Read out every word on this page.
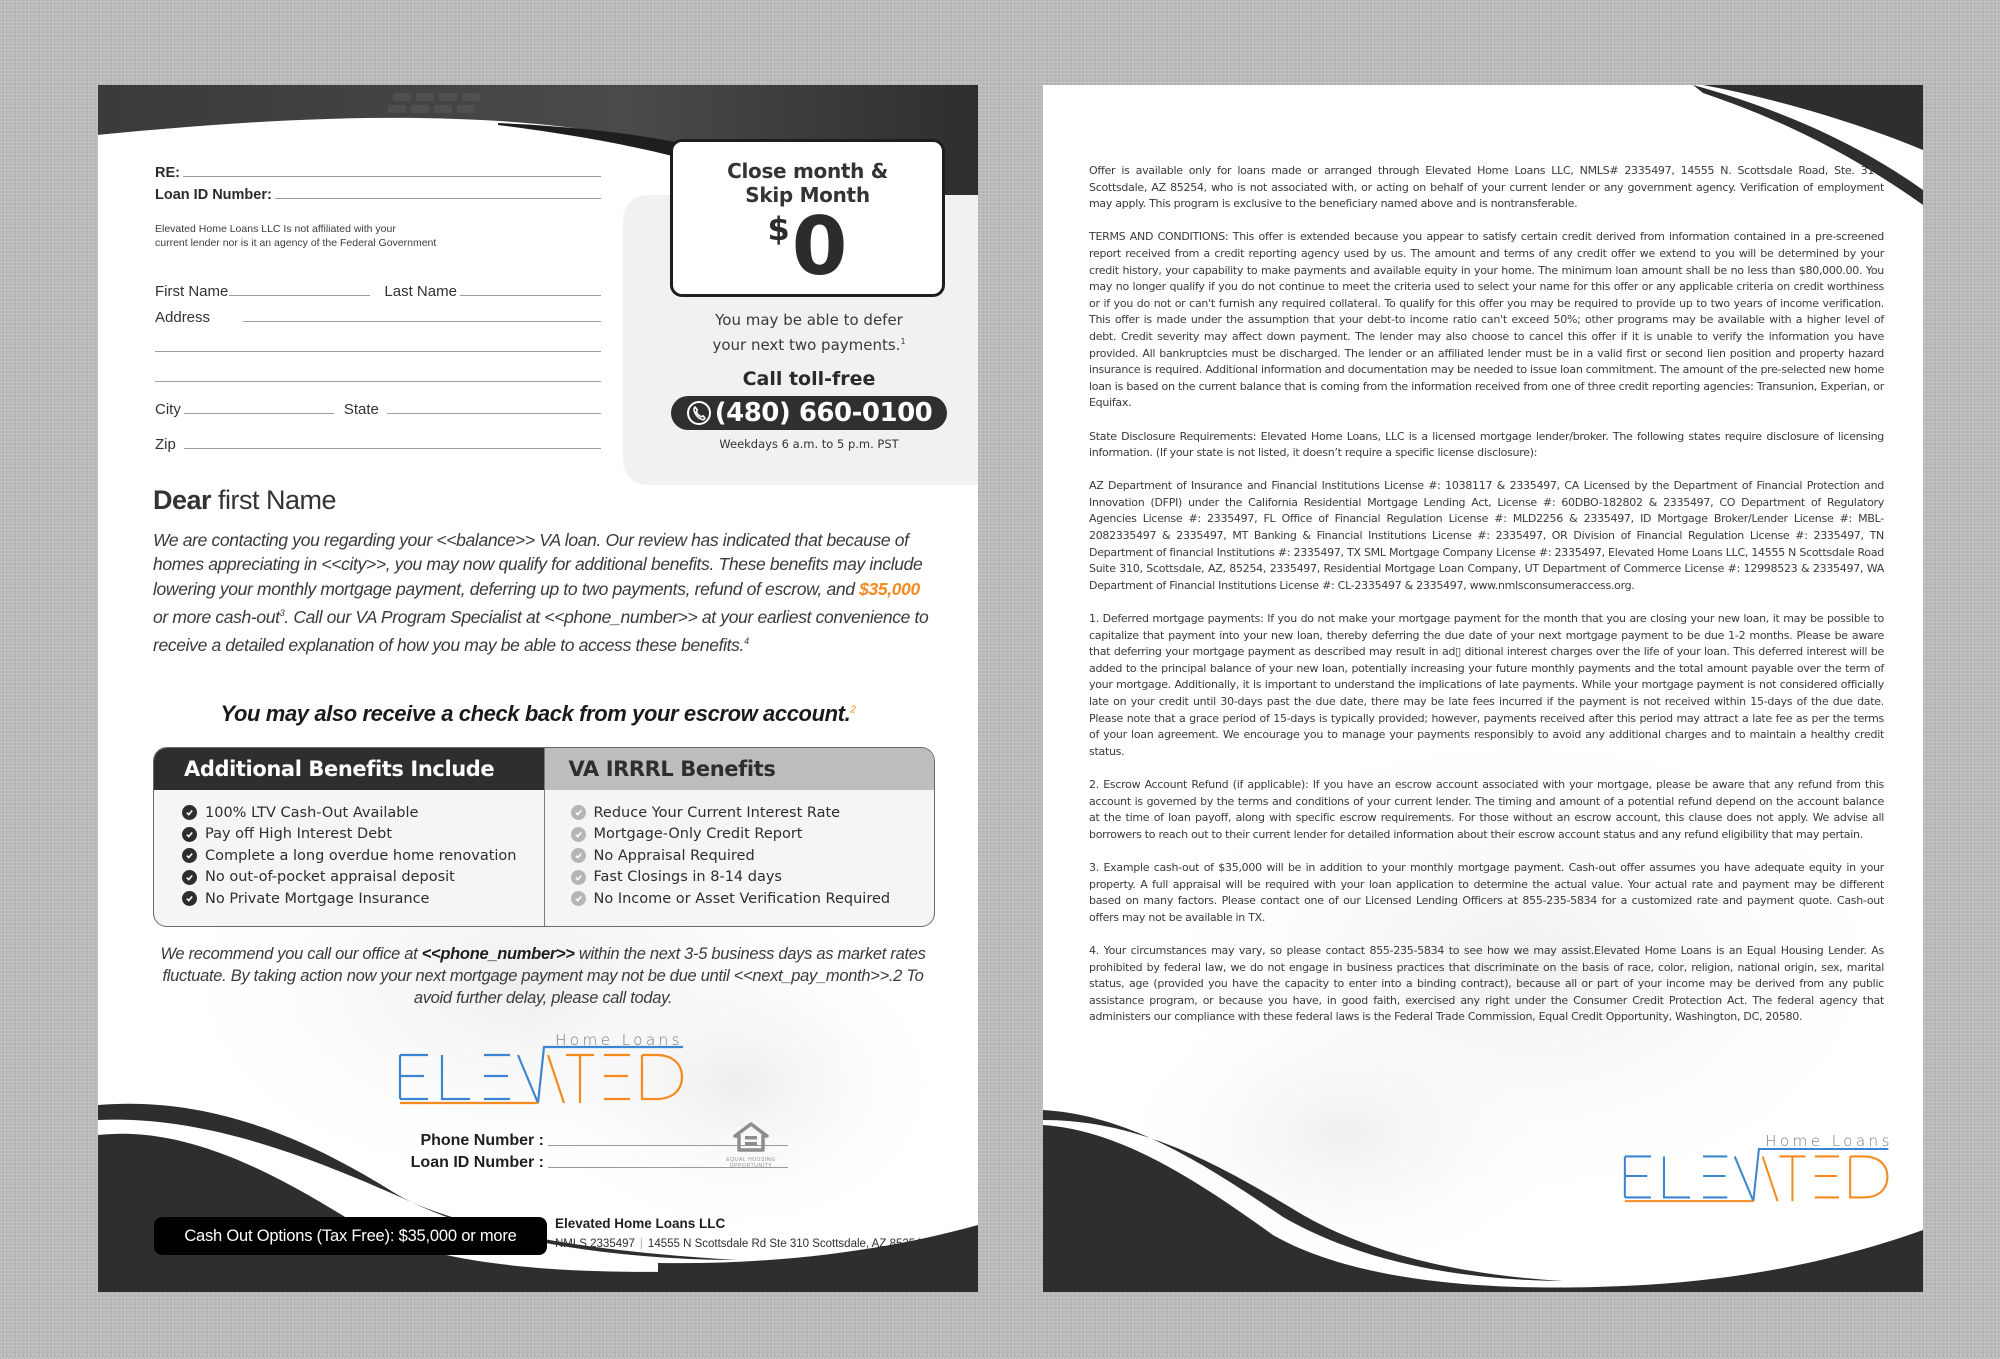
RE:
Loan ID Number:
Elevated Home Loans LLC Is not affiliated with your
current lender nor is it an agency of the Federal Government
First Name	Last Name
Address
City	State
Zip
Close month &
Skip Month
$0
You may be able to defer
your next two payments.$^1$
Call toll-free
(480) 660-0100
Weekdays 6 a.m. to 5 p.m. PST
Dear first Name
We are contacting you regarding your <<balance>> VA loan. Our review has indicated that because of homes appreciating in <<city>>, you may now qualify for additional benefits. These benefits may include lowering your monthly mortgage payment, deferring up to two payments, refund of escrow, and $35,000 or more cash-out$^3$. Call our VA Program Specialist at <<phone_number>> at your earliest convenience to receive a detailed explanation of how you may be able to access these benefits.$^4$
You may also receive a check back from your escrow account.$^2$
Additional Benefits Include
100% LTV Cash-Out Available
Pay off High Interest Debt
Complete a long overdue home renovation
No out-of-pocket appraisal deposit
No Private Mortgage Insurance
VA IRRRL Benefits
Reduce Your Current Interest Rate
Mortgage-Only Credit Report
No Appraisal Required
Fast Closings in 8-14 days
No Income or Asset Verification Required
We recommend you call our office at <<phone_number>> within the next 3-5 business days as market rates fluctuate. By taking action now your next mortgage payment may not be due until <<next_pay_month>>.2 To avoid further delay, please call today.
Home Loans
Phone Number :
Loan ID Number :	EQUAL HOUSING
OPPORTUNITY
Cash Out Options (Tax Free): $35,000 or more
Elevated Home Loans LLC
NMLS 2335497 | 14555 N Scottsdale Rd Ste 310 Scottsdale, AZ 85254

Offer is available only for loans made or arranged through Elevated Home Loans LLC, NMLS# 2335497, 14555 N. Scottsdale Road, Ste. 310, Scottsdale, AZ 85254, who is not associated with, or acting on behalf of your current lender or any government agency. Verification of employment may apply. This program is exclusive to the beneficiary named above and is nontransferable.

TERMS AND CONDITIONS: This offer is extended because you appear to satisfy certain credit derived from information contained in a pre-screened report received from a credit reporting agency used by us. The amount and terms of any credit offer we extend to you will be determined by your credit history, your capability to make payments and available equity in your home. The minimum loan amount shall be no less than $80,000.00. You may no longer qualify if you do not continue to meet the criteria used to select your name for this offer or any applicable criteria on credit worthiness or if you do not or can't furnish any required collateral. To qualify for this offer you may be required to provide up to two years of income verification. This offer is made under the assumption that your debt-to income ratio can't exceed 50%; other programs may be available with a higher level of debt. Credit severity may affect down payment. The lender may also choose to cancel this offer if it is unable to verify the information you have provided. All bankruptcies must be discharged. The lender or an affiliated lender must be in a valid first or second lien position and property hazard insurance is required. Additional information and documentation may be needed to issue loan commitment. The amount of the pre-selected new home loan is based on the current balance that is coming from the information received from one of three credit reporting agencies: Transunion, Experian, or Equifax.

State Disclosure Requirements: Elevated Home Loans, LLC is a licensed mortgage lender/broker. The following states require disclosure of licensing information. (If your state is not listed, it doesn’t require a specific license disclosure):

AZ Department of Insurance and Financial Institutions License #: 1038117 & 2335497, CA Licensed by the Department of Financial Protection and Innovation (DFPI) under the California Residential Mortgage Lending Act, License #: 60DBO-182802 & 2335497, CO Department of Regulatory Agencies License #: 2335497, FL Office of Financial Regulation License #: MLD2256 & 2335497, ID Mortgage Broker/Lender License #: MBL-2082335497 & 2335497, MT Banking & Financial Institutions License #: 2335497, OR Division of Financial Regulation License #: 2335497, TN Department of financial Institutions #: 2335497, TX SML Mortgage Company License #: 2335497, Elevated Home Loans LLC, 14555 N Scottsdale Road Suite 310, Scottsdale, AZ, 85254, 2335497, Residential Mortgage Loan Company, UT Department of Commerce License #: 12998523 & 2335497, WA Department of Financial Institutions License #: CL-2335497 & 2335497, www.nmlsconsumeraccess.org.

1. Deferred mortgage payments: If you do not make your mortgage payment for the month that you are closing your new loan, it may be possible to capitalize that payment into your new loan, thereby deferring the due date of your next mortgage payment to be due 1-2 months. Please be aware that deferring your mortgage payment as described may result in ad▯ ditional interest charges over the life of your loan. This deferred interest will be added to the principal balance of your new loan, potentially increasing your future monthly payments and the total amount payable over the term of your mortgage. Additionally, it is important to understand the implications of late payments. While your mortgage payment is not considered officially late on your credit until 30-days past the due date, there may be late fees incurred if the payment is not received within 15-days of the due date. Please note that a grace period of 15-days is typically provided; however, payments received after this period may attract a late fee as per the terms of your loan agreement. We encourage you to manage your payments responsibly to avoid any additional charges and to maintain a healthy credit status.

2. Escrow Account Refund (if applicable): If you have an escrow account associated with your mortgage, please be aware that any refund from this account is governed by the terms and conditions of your current lender. The timing and amount of a potential refund depend on the account balance at the time of loan payoff, along with specific escrow requirements. For those without an escrow account, this clause does not apply. We advise all borrowers to reach out to their current lender for detailed information about their escrow account status and any refund eligibility that may pertain.

3. Example cash-out of $35,000 will be in addition to your monthly mortgage payment. Cash-out offer assumes you have adequate equity in your property. A full appraisal will be required with your loan application to determine the actual value. Your actual rate and payment may be different based on many factors. Please contact one of our Licensed Lending Officers at 855-235-5834 for a customized rate and payment quote. Cash-out offers may not be available in TX.

4. Your circumstances may vary, so please contact 855-235-5834 to see how we may assist.Elevated Home Loans is an Equal Housing Lender. As prohibited by federal law, we do not engage in business practices that discriminate on the basis of race, color, religion, national origin, sex, marital status, age (provided you have the capacity to enter into a binding contract), because all or part of your income may be derived from any public assistance program, or because you have, in good faith, exercised any right under the Consumer Credit Protection Act. The federal agency that administers our compliance with these federal laws is the Federal Trade Commission, Equal Credit Opportunity, Washington, DC, 20580.

Home Loans
